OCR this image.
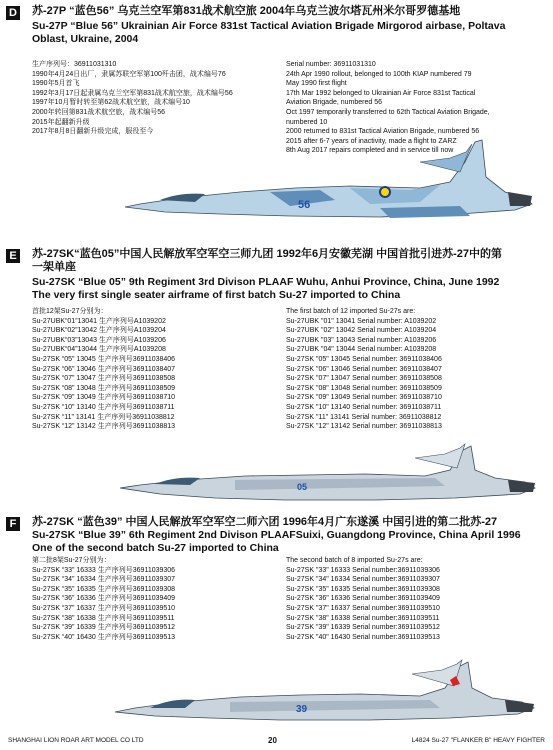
D 苏-27P “蓝色56” 乌克兰空军第831战术航空旅 2004年乌克兰波尔塔瓦州米尔哥罗德基地
Su-27P “Blue 56” Ukrainian Air Force 831st Tactical Aviation Brigade Mirgorod airbase, Poltava
Oblast, Ukraine, 2004
生产序列号：36911031310
1990年4月24日出厂，隶属苏联空军第100歼击团，战术编号76
1990年5月首飞
1992年3月17日起隶属乌克兰空军第831战术航空旅，战术编号56
1997年10月暂时转至第62战术航空旅，战术编号10
2000年转回第831战术航空旅，战术编号56
2015年起翻新升级
2017年8月8日翻新升级完成，服役至今
Serial number: 36911031310
24th Apr 1990 rollout, belonged to 100th KIAP numbered 79
May 1990 first flight
17th Mar 1992 belonged to Ukrainian Air Force 831st Tactical
Aviation Brigade, numbered 56
Oct 1997 temporarily transferred to 62th Tactical Aviation Brigade,
numbered 10
2000 returned to 831st Tactical Aviation Brigade, numbered 56
2015 after 6-7 years of inactivity, made a flight to ZARZ
8th Aug 2017 repairs completed and in service till now
56
E	苏-27SK“蓝色05”中国人民解放军空军空三师九团 1992年6月安徽芜湖 中国首批引进苏-27中的第
一架单座
Su-27SK “Blue 05” 9th Regiment 3rd Divison PLAAF Wuhu, Anhui Province, China, June 1992
The very first single seater airframe of first batch Su-27 imported to China
首批12架Su-27分别为：
Su-27UBK“01”13041 生产序列号A1039202
Su-27UBK“02”13042 生产序列号A1039204
Su-27UBK“03”13043 生产序列号A1039206
Su-27UBK“04”13044 生产序列号A1039208
Su-27SK “05” 13045 生产序列号36911038406
Su-27SK “06” 13046 生产序列号36911038407
Su-27SK “07” 13047 生产序列号36911038508
Su-27SK “08” 13048 生产序列号36911038509
Su-27SK “09” 13049 生产序列号36911038710
Su-27SK “10” 13140 生产序列号36911038711
Su-27SK “11” 13141 生产序列号36911038812
Su-27SK “12” 13142 生产序列号36911038813
The first batch of 12 imported Su-27s are:
Su-27UBK "01" 13041 Serial number: A1039202
Su-27UBK "02" 13042 Serial number: A1039204
Su-27UBK "03" 13043 Serial number: A1039206
Su-27UBK "04" 13044 Serial number: A1039208
Su-27SK "05" 13045 Serial number: 36911038406
Su-27SK "06" 13046 Serial number: 36911038407
Su-27SK "07" 13047 Serial number: 36911038508
Su-27SK "08" 13048 Serial number: 36911038509
Su-27SK "09" 13049 Serial number: 36911038710
Su-27SK "10" 13140 Serial number: 36911038711
Su-27SK "11" 13141 Serial number: 36911038812
Su-27SK "12" 13142 Serial number: 36911038813
05
F	苏-27SK “蓝色39” 中国人民解放军空军空二师六团 1996年4月广东遂溪 中国引进的第二批苏-27
Su-27SK “Blue 39” 6th Regiment 2nd Divison PLAAFSuixi, Guangdong Province, China April 1996
One of the second batch Su-27 imported to China
第二批8架Su-27分别为：
Su-27SK “33” 16333 生产序列号36911039306
Su-27SK “34” 16334 生产序列号36911039307
Su-27SK “35” 16335 生产序列号36911039308
Su-27SK “36” 16336 生产序列号36911039409
Su-27SK “37” 16337 生产序列号36911039510
Su-27SK “38” 16338 生产序列号36911039511
Su-27SK “39” 16339 生产序列号36911039512
Su-27SK “40” 16430 生产序列号36911039513
The second batch of 8 imported Su-27s are:
Su-27SK "33" 16333 Serial number:36911039306
Su-27SK "34" 16334 Serial number:36911039307
Su-27SK "35" 16335 Serial number:36911039308
Su-27SK "36" 16336 Serial number:36911039409
Su-27SK "37" 16337 Serial number:36911039510
Su-27SK "38" 16338 Serial number:36911039511
Su-27SK "39" 16339 Serial number:36911039512
Su-27SK "40" 16430 Serial number:36911039513
39
SHANGHAI LION ROAR ART MODEL CO LTD	20	L4824 Su-27 "FLANKER B" HEAVY FIGHTER
